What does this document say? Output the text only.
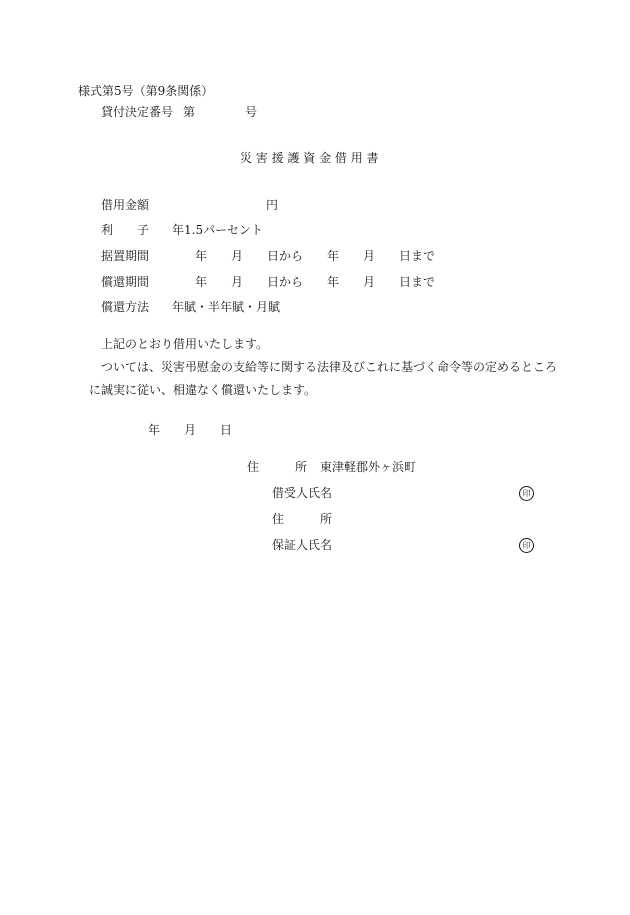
様式第5号（第9条関係）
貸付決定番号 第	号
災 害 援 護 資 金 借 用 書
借用金額	円
利　　子 年1.5パーセント
据置期間	年　　月　　日から　　年　　月　　日まで
償還期間	年　　月　　日から　　年　　月　　日まで
償還方法 年賦・半年賦・月賦
上記のとおり借用いたします。
ついては、災害弔慰金の支給等に関する法律及びこれに基づく命令等の定めるところ
に誠実に従い、相違なく償還いたします。
年 月 日
住　　　所 東津軽郡外ヶ浜町
借受人氏名	印
住　　　所
保証人氏名	印
